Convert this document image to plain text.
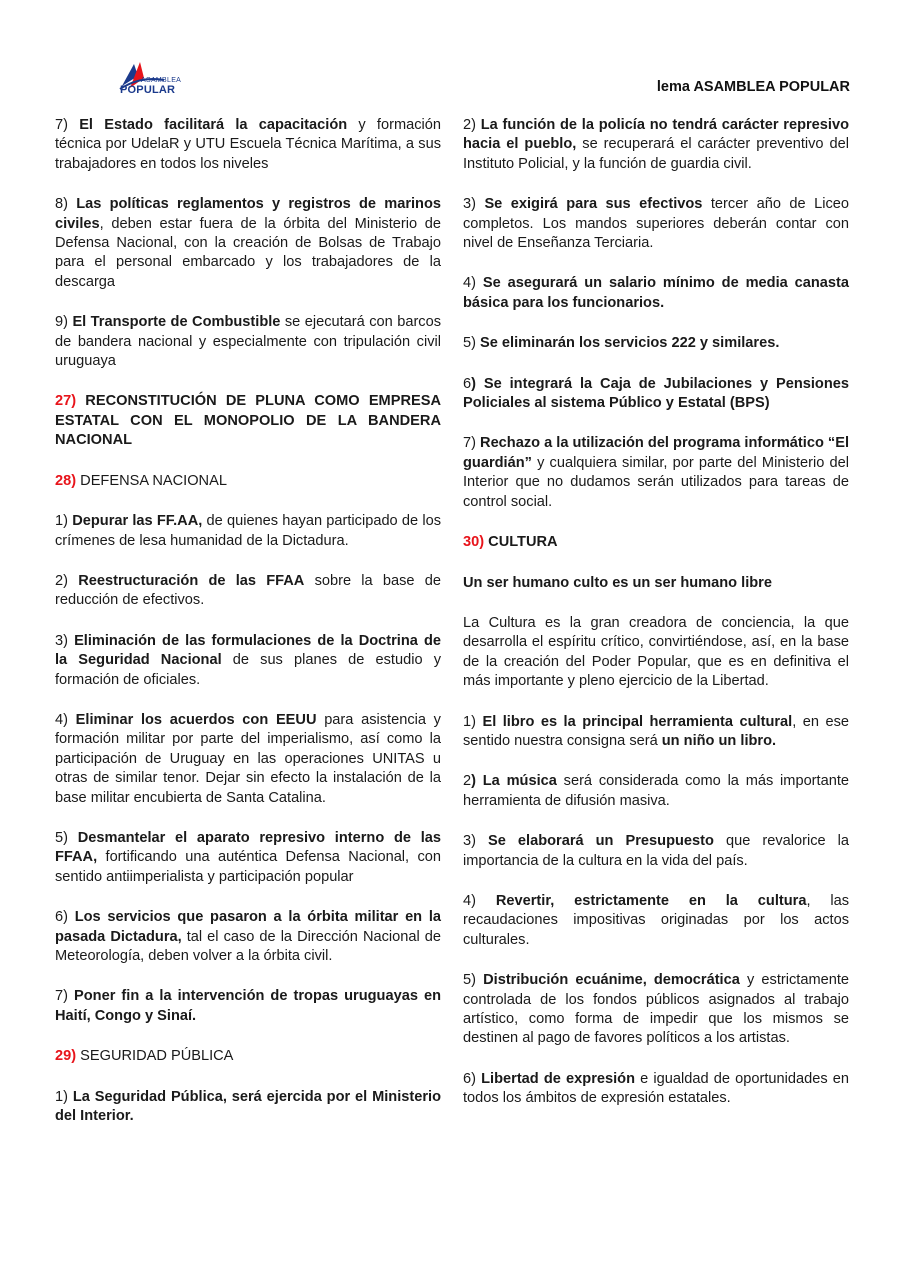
ASAMBLEA
POPULAR	lema ASAMBLEA POPULAR

7) El Estado facilitará la capacitación y formación técnica por UdelaR y UTU Escuela Técnica Marítima, a sus trabajadores en todos los niveles

8) Las políticas reglamentos y registros de marinos civiles, deben estar fuera de la órbita del Ministerio de Defensa Nacional, con la creación de Bolsas de Trabajo para el personal embarcado y los trabajadores de la descarga

9) El Transporte de Combustible se ejecutará con barcos de bandera nacional y especialmente con tripulación civil uruguaya

27) RECONSTITUCIÓN DE PLUNA COMO EMPRESA ESTATAL CON EL MONOPOLIO DE LA BANDERA NACIONAL

28) DEFENSA NACIONAL

1) Depurar las FF.AA, de quienes hayan participado de los crímenes de lesa humanidad de la Dictadura.

2) Reestructuración de las FFAA sobre la base de reducción de efectivos.

3) Eliminación de las formulaciones de la Doctrina de la Seguridad Nacional de sus planes de estudio y formación de oficiales.

4) Eliminar los acuerdos con EEUU para asistencia y formación militar por parte del imperialismo, así como la participación de Uruguay en las operaciones UNITAS u otras de similar tenor. Dejar sin efecto la instalación de la base militar encubierta de Santa Catalina.

5) Desmantelar el aparato represivo interno de las FFAA, fortificando una auténtica Defensa Nacional, con sentido antiimperialista y participación popular

6) Los servicios que pasaron a la órbita militar en la pasada Dictadura, tal el caso de la Dirección Nacional de Meteorología, deben volver a la órbita civil.

7) Poner fin a la intervención de tropas uruguayas en Haití, Congo y Sinaí.

29) SEGURIDAD PÚBLICA

1) La Seguridad Pública, será ejercida por el Ministerio del Interior.

2) La función de la policía no tendrá carácter represivo hacia el pueblo, se recuperará el carácter preventivo del Instituto Policial, y la función de guardia civil.

3) Se exigirá para sus efectivos tercer año de Liceo completos. Los mandos superiores deberán contar con nivel de Enseñanza Terciaria.

4) Se asegurará un salario mínimo de media canasta básica para los funcionarios.

5) Se eliminarán los servicios 222 y similares.

6) Se integrará la Caja de Jubilaciones y Pensiones Policiales al sistema Público y Estatal (BPS)

7) Rechazo a la utilización del programa informático “El guardián” y cualquiera similar, por parte del Ministerio del Interior que no dudamos serán utilizados para tareas de control social.

30) CULTURA

Un ser humano culto es un ser humano libre

La Cultura es la gran creadora de conciencia, la que desarrolla el espíritu crítico, convirtiéndose, así, en la base de la creación del Poder Popular, que es en definitiva el más importante y pleno ejercicio de la Libertad.

1) El libro es la principal herramienta cultural, en ese sentido nuestra consigna será un niño un libro.

2) La música será considerada como la más importante herramienta de difusión masiva.

3) Se elaborará un Presupuesto que revalorice la importancia de la cultura en la vida del país.

4) Revertir, estrictamente en la cultura, las recaudaciones impositivas originadas por los actos culturales.

5) Distribución ecuánime, democrática y estrictamente controlada de los fondos públicos asignados al trabajo artístico, como forma de impedir que los mismos se destinen al pago de favores políticos a los artistas.

6) Libertad de expresión e igualdad de oportunidades en todos los ámbitos de expresión estatales.
